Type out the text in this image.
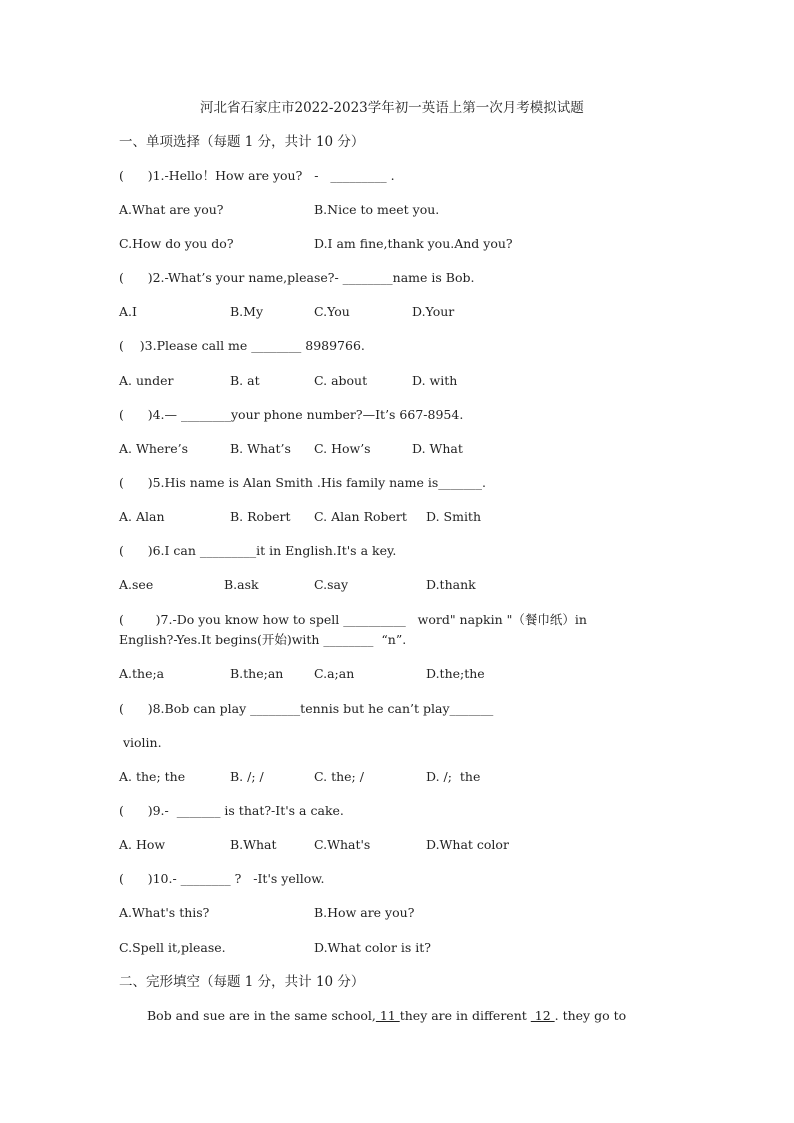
河北省石家庄市2022-2023学年初一英语上第一次月考模拟试题
一、单项选择（每题 1 分，共计 10 分）
(      )1.-Hello！How are you?   -   _________ .
A.What are you?	B.Nice to meet you.
C.How do you do?	D.I am fine,thank you.And you?
(      )2.-What’s your name,please?- ________name is Bob.
A.I	B.My	C.You	D.Your
(    )3.Please call me ________ 8989766.
A. under	B. at	C. about	D. with
(      )4.— ________your phone number?—It’s 667-8954.
A. Where’s	B. What’s C. How’s	D. What
(      )5.His name is Alan Smith .His family name is_______.
A. Alan	B. Robert C. Alan Robert D. Smith
(      )6.I can _________it in English.It's a key.
A.see	B.ask	C.say	D.thank
(        )7.-Do you know how to spell __________   word" napkin "（餐巾纸）in
English?-Yes.It begins(开始)with ________  “n”.
A.the;a	B.the;an C.a;an	D.the;the
(      )8.Bob can play ________tennis but he can’t play_______
violin.
A. the; the	B. /; /	C. the; /	D. /;  the
(      )9.-  _______ is that?-It's a cake.
A. How	B.What	C.What's	D.What color
(      )10.- ________ ?   -It's yellow.
A.What's this?	B.How are you?
C.Spell it,please.	D.What color is it?
二、完形填空（每题 1 分，共计 10 分）
Bob and sue are in the same school, 11 they are in different  12 . they go to
